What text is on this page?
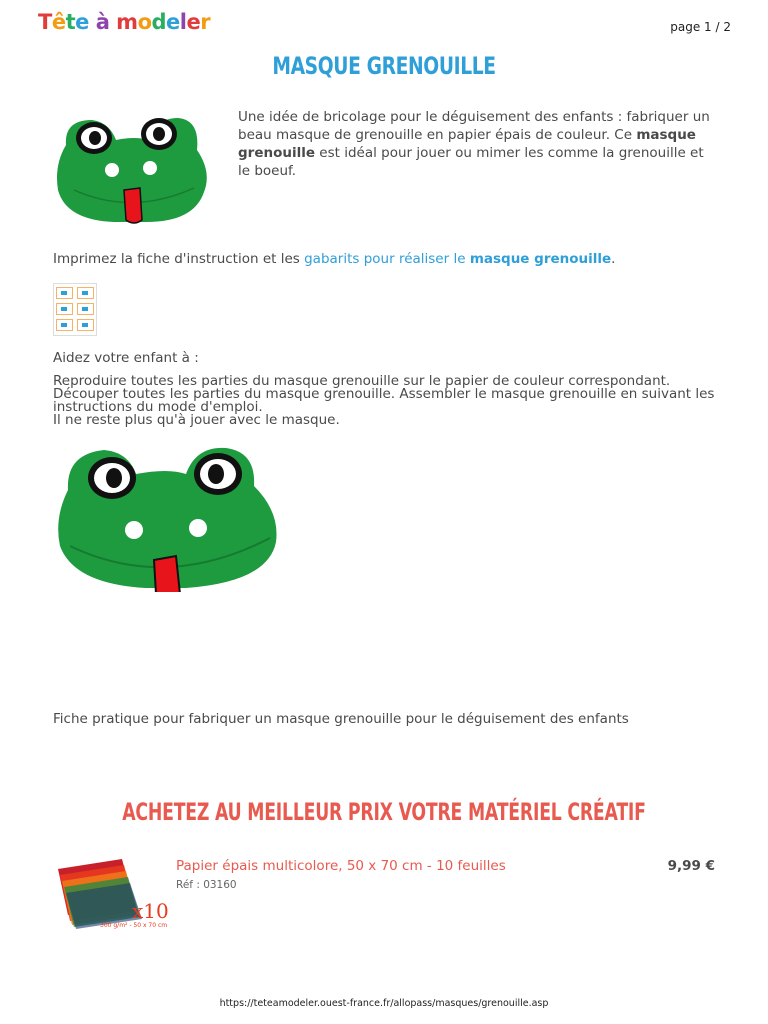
Tête à modeler	page 1 / 2
MASQUE GRENOUILLE
Une idée de bricolage pour le déguisement des enfants : fabriquer un beau masque de grenouille en papier épais de couleur. Ce masque grenouille est idéal pour jouer ou mimer les comme la grenouille et le boeuf.
Imprimez la fiche d'instruction et les gabarits pour réaliser le masque grenouille.
Aidez votre enfant à :
Reproduire toutes les parties du masque grenouille sur le papier de couleur correspondant.
Découper toutes les parties du masque grenouille. Assembler le masque grenouille en suivant les instructions du mode d'emploi.
Il ne reste plus qu'à jouer avec le masque.
Fiche pratique pour fabriquer un masque grenouille pour le déguisement des enfants
ACHETEZ AU MEILLEUR PRIX VOTRE MATÉRIEL CRÉATIF
x10
300 g/m² - 50 x 70 cm
Papier épais multicolore, 50 x 70 cm - 10 feuilles
Réf : 03160
9,99 €
https://teteamodeler.ouest-france.fr/allopass/masques/grenouille.asp
